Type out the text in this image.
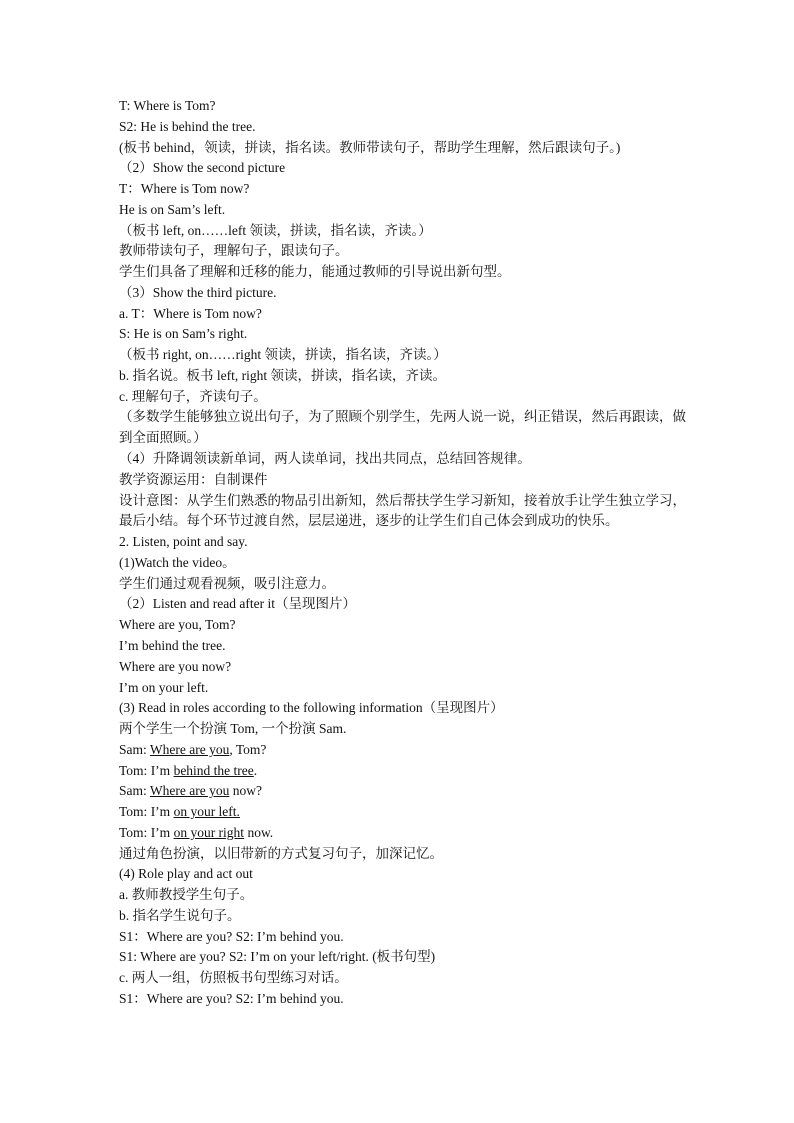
T: Where is Tom?
S2: He is behind the tree.
(板书 behind，领读，拼读，指名读。教师带读句子，帮助学生理解，然后跟读句子。)
（2）Show the second picture
T：Where is Tom now?
He is on Sam’s left.
（板书 left, on……left 领读，拼读，指名读，齐读。）
教师带读句子，理解句子，跟读句子。
学生们具备了理解和迁移的能力，能通过教师的引导说出新句型。
（3）Show the third picture.
a. T：Where is Tom now?
S: He is on Sam’s right.
（板书 right, on……right 领读，拼读，指名读，齐读。）
b. 指名说。板书 left, right 领读，拼读，指名读，齐读。
c. 理解句子，齐读句子。
（多数学生能够独立说出句子，为了照顾个别学生，先两人说一说，纠正错误，然后再跟读，做到全面照顾。）
（4）升降调领读新单词，两人读单词，找出共同点，总结回答规律。
教学资源运用：自制课件
设计意图：从学生们熟悉的物品引出新知，然后帮扶学生学习新知，接着放手让学生独立学习，最后小结。每个环节过渡自然，层层递进，逐步的让学生们自己体会到成功的快乐。
2. Listen, point and say.
(1)Watch the video。
学生们通过观看视频，吸引注意力。
（2）Listen and read after it（呈现图片）
Where are you, Tom?
I’m behind the tree.
Where are you now?
I’m on your left.
(3) Read in roles according to the following information（呈现图片）
两个学生一个扮演 Tom, 一个扮演 Sam.
Sam: Where are you, Tom?
Tom: I’m behind the tree.
Sam: Where are you now?
Tom: I’m on your left.
Tom: I’m on your right now.
通过角色扮演，以旧带新的方式复习句子，加深记忆。
(4) Role play and act out
a. 教师教授学生句子。
b. 指名学生说句子。
S1：Where are you? S2: I’m behind you.
S1: Where are you? S2: I’m on your left/right. (板书句型)
c. 两人一组，仿照板书句型练习对话。
S1：Where are you? S2: I’m behind you.
